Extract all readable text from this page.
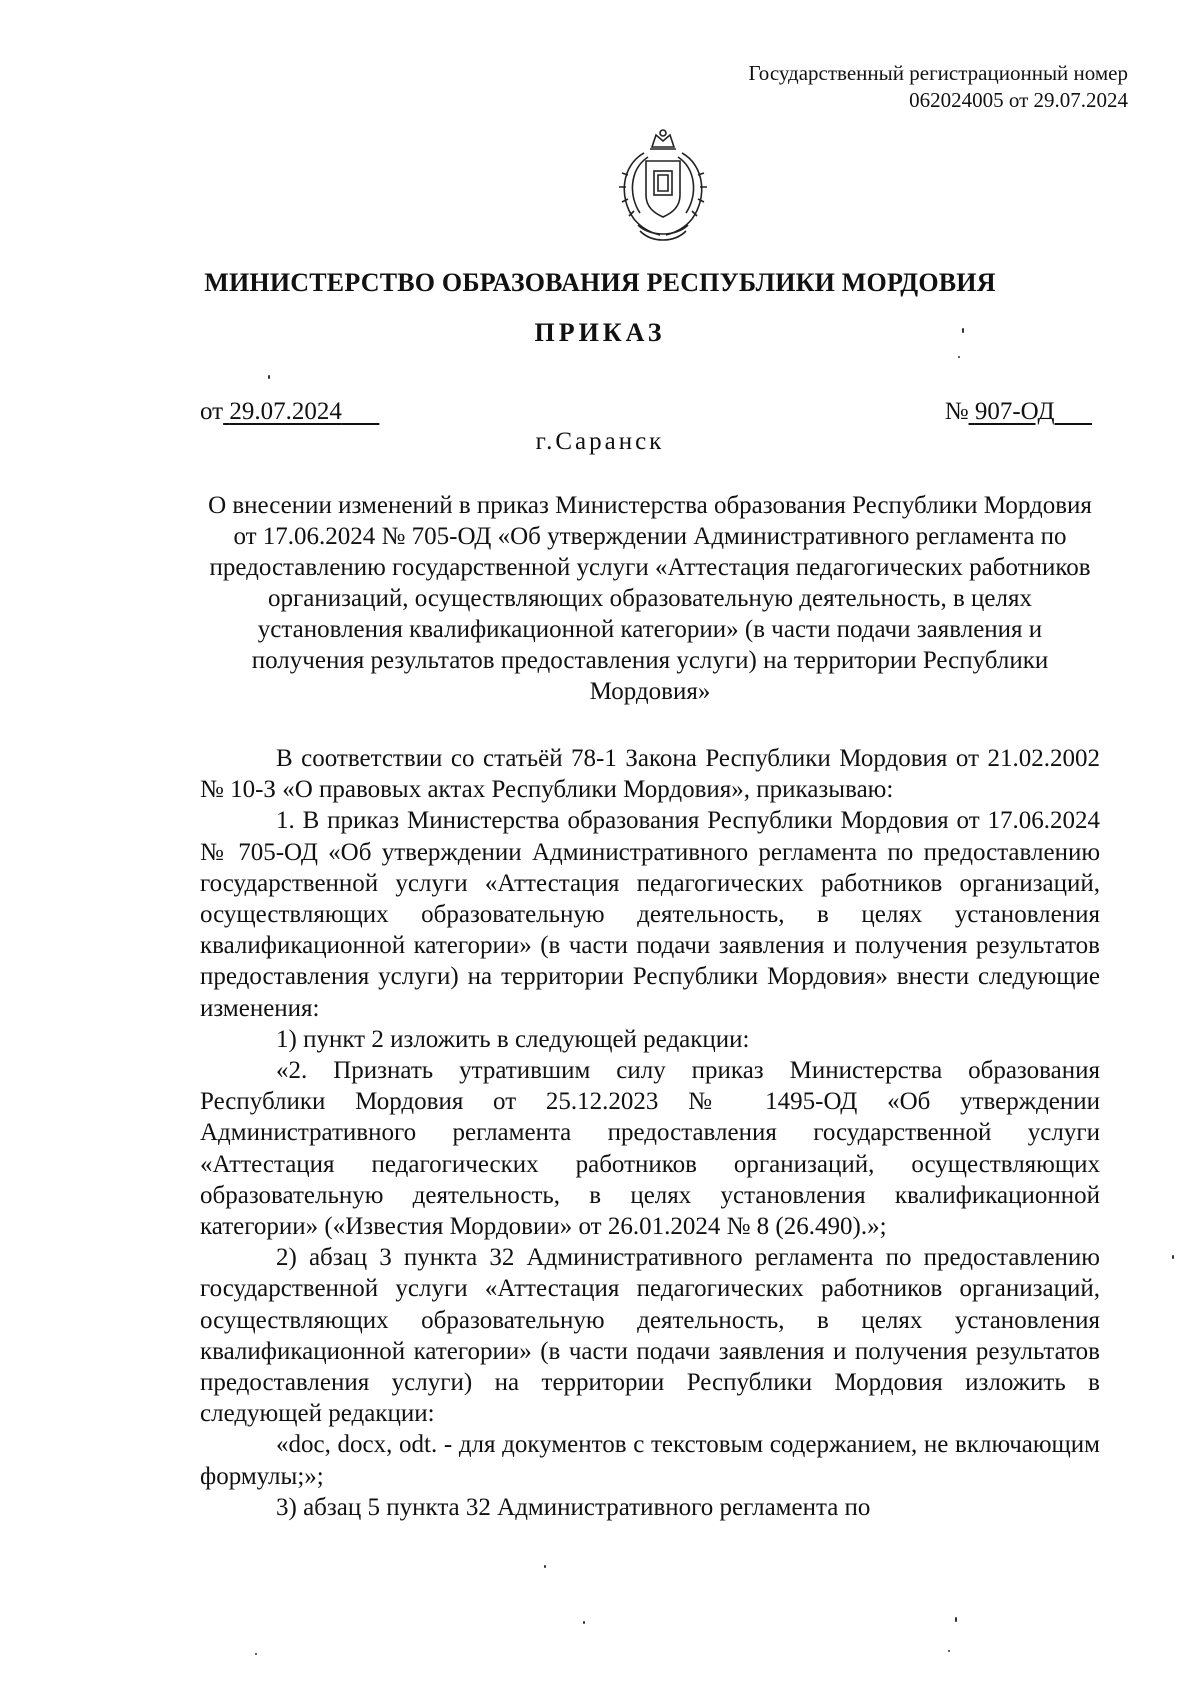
Государственный регистрационный номер
062024005 от 29.07.2024
МИНИСТЕРСТВО ОБРАЗОВАНИЯ РЕСПУБЛИКИ МОРДОВИЯ
ПРИКАЗ
от 29.07.2024	№ 907-ОД
г.Саранск
О внесении изменений в приказ Министерства образования Республики Мордовия от 17.06.2024 № 705-ОД «Об утверждении Административного регламента по предоставлению государственной услуги «Аттестация педагогических работников организаций, осуществляющих образовательную деятельность, в целях установления квалификационной категории» (в части подачи заявления и получения результатов предоставления услуги) на территории Республики Мордовия»

В соответствии со статьёй 78-1 Закона Республики Мордовия от 21.02.2002 № 10-З «О правовых актах Республики Мордовия», приказываю:

1. В приказ Министерства образования Республики Мордовия от 17.06.2024 № 705-ОД «Об утверждении Административного регламента по предоставлению государственной услуги «Аттестация педагогических работников организаций, осуществляющих образовательную деятельность, в целях установления квалификационной категории» (в части подачи заявления и получения результатов предоставления услуги) на территории Республики Мордовия» внести следующие изменения:

1) пункт 2 изложить в следующей редакции:

«2. Признать утратившим силу приказ Министерства образования Республики Мордовия от 25.12.2023 № 1495-ОД «Об утверждении Административного регламента предоставления государственной услуги «Аттестация педагогических работников организаций, осуществляющих образовательную деятельность, в целях установления квалификационной категории» («Известия Мордовии» от 26.01.2024 № 8 (26.490).»;

2) абзац 3 пункта 32 Административного регламента по предоставлению государственной услуги «Аттестация педагогических работников организаций, осуществляющих образовательную деятельность, в целях установления квалификационной категории» (в части подачи заявления и получения результатов предоставления услуги) на территории Республики Мордовия изложить в следующей редакции:

«doc, docx, odt. - для документов с текстовым содержанием, не включающим формулы;»;

3) абзац 5 пункта 32 Административного регламента по
